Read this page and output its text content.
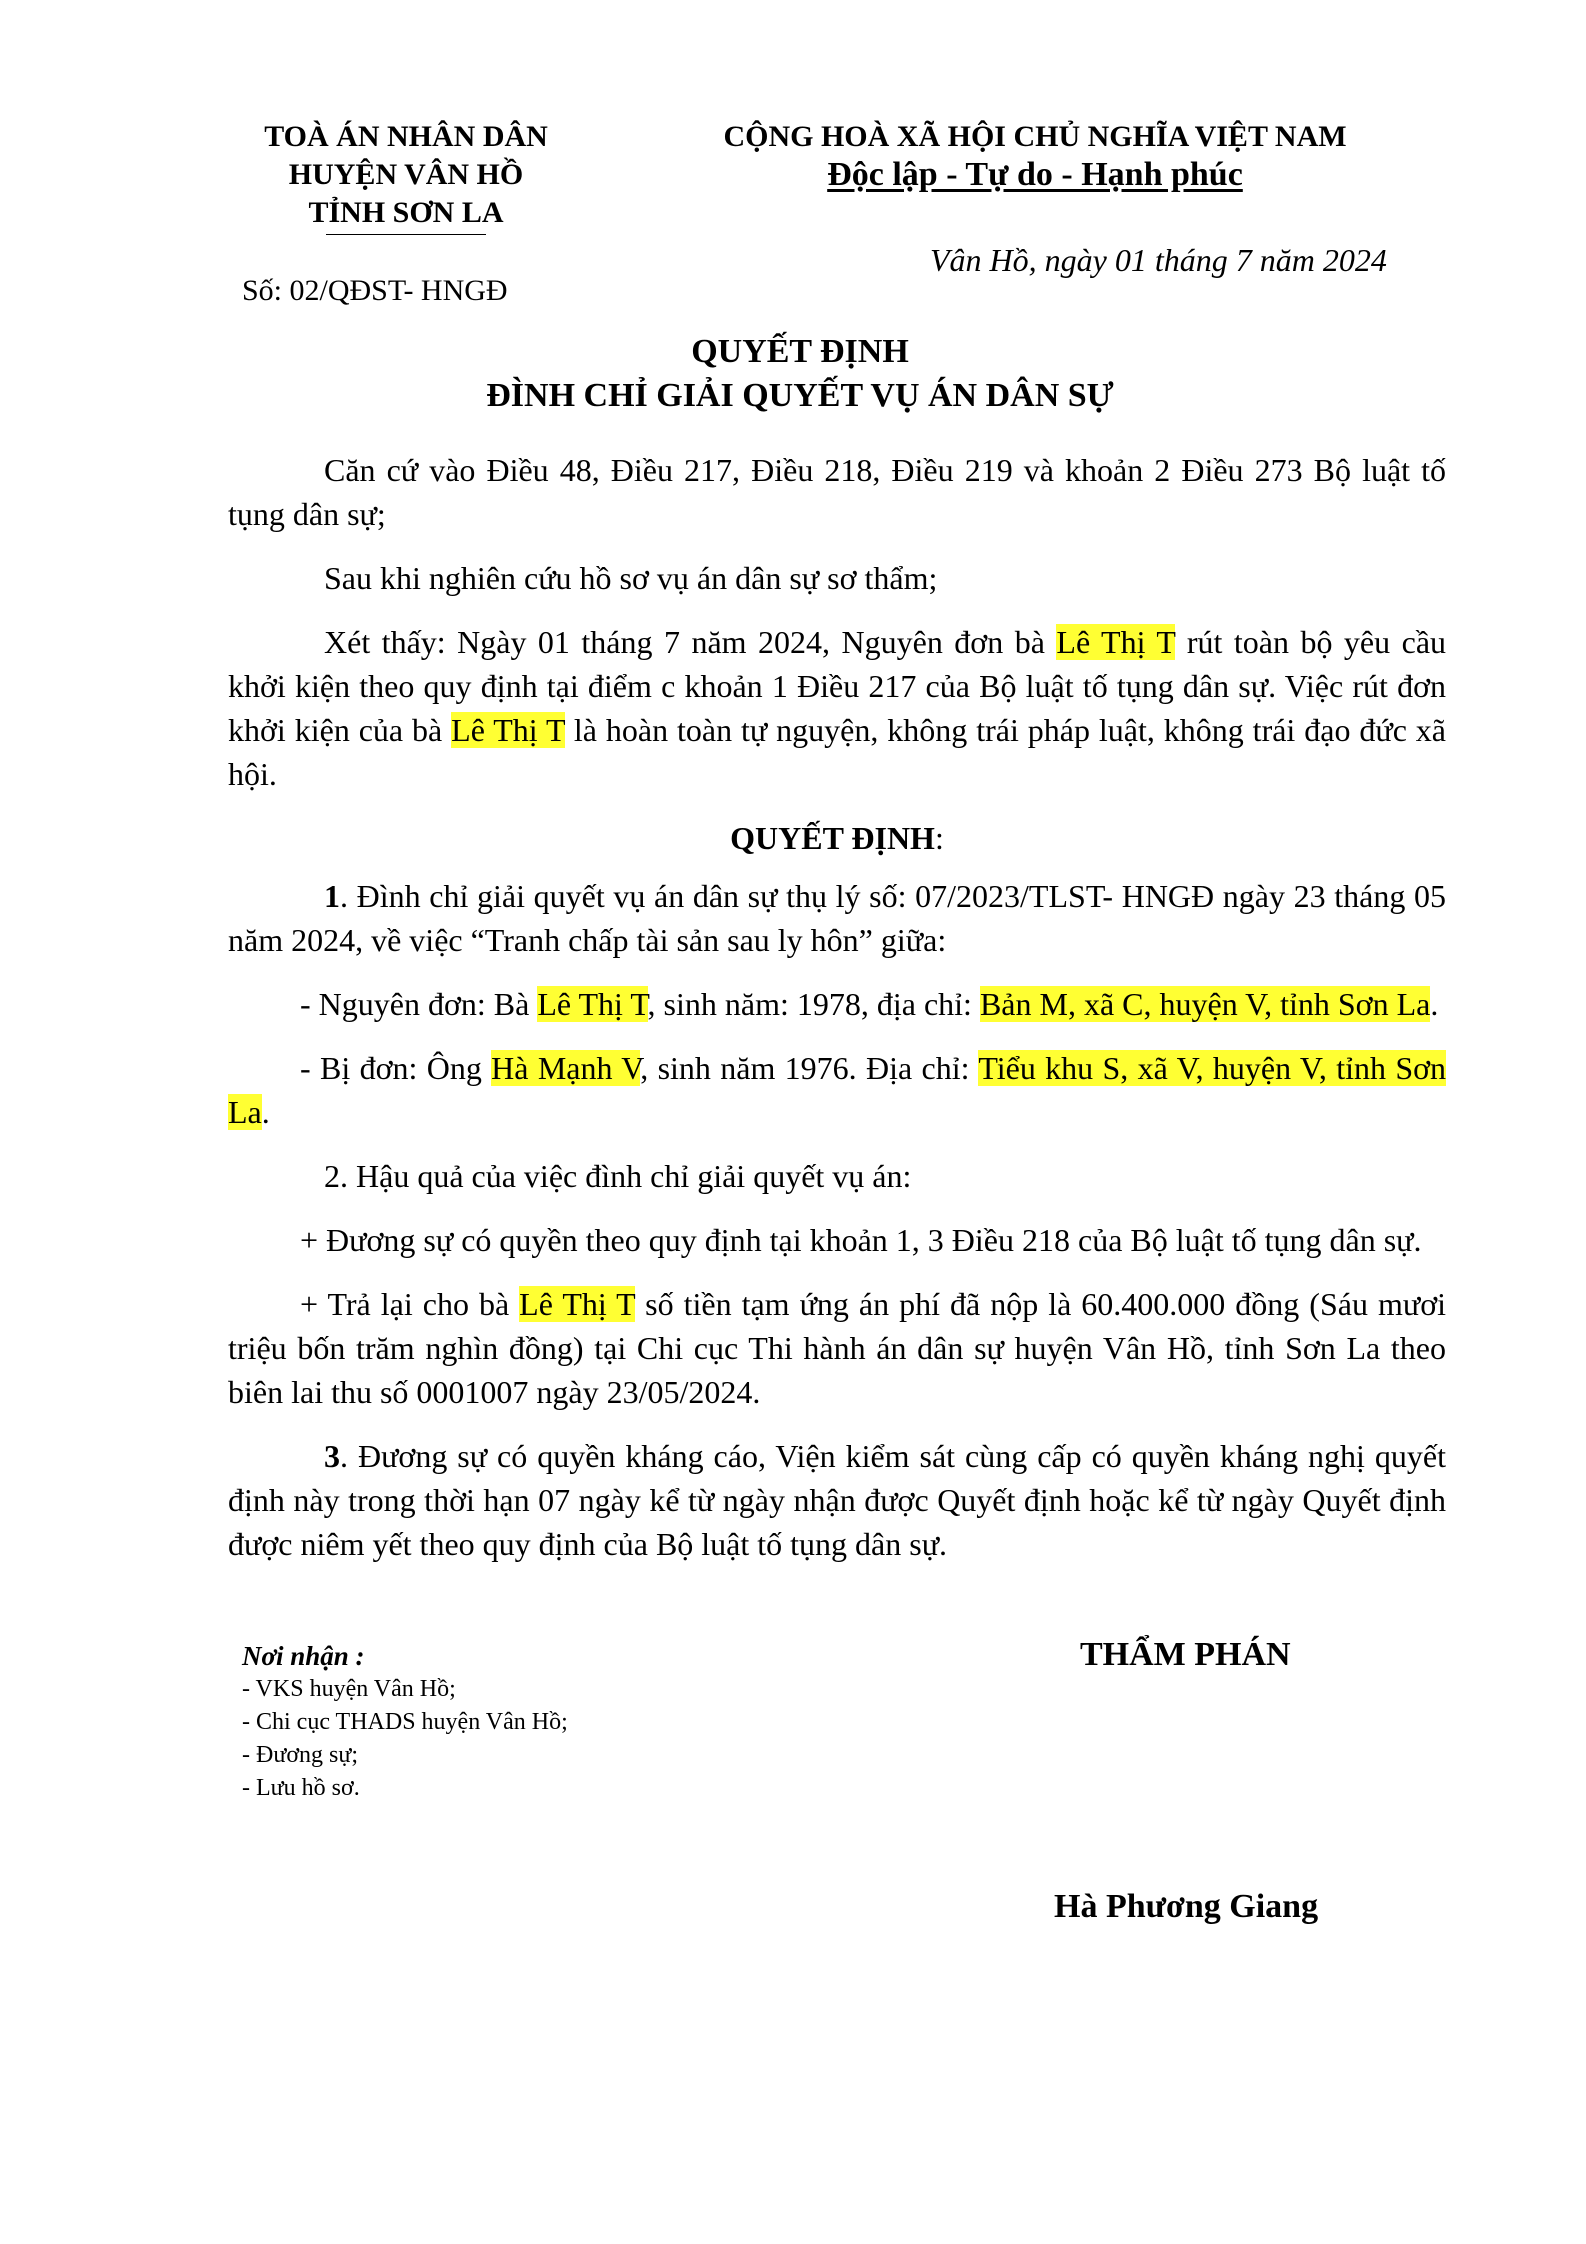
TOÀ ÁN NHÂN DÂN
HUYỆN VÂN HỒ
TỈNH SƠN LA
CỘNG HOÀ XÃ HỘI CHỦ NGHĨA VIỆT NAM
Độc lập - Tự do - Hạnh phúc
Vân Hồ, ngày 01 tháng 7 năm 2024
Số: 02/QĐST- HNGĐ
QUYẾT ĐỊNH
ĐÌNH CHỈ GIẢI QUYẾT VỤ ÁN DÂN SỰ

Căn cứ vào Điều 48, Điều 217, Điều 218, Điều 219 và khoản 2 Điều 273 Bộ luật tố tụng dân sự;

Sau khi nghiên cứu hồ sơ vụ án dân sự sơ thẩm;

Xét thấy: Ngày 01 tháng 7 năm 2024, Nguyên đơn bà Lê Thị T rút toàn bộ yêu cầu khởi kiện theo quy định tại điểm c khoản 1 Điều 217 của Bộ luật tố tụng dân sự. Việc rút đơn khởi kiện của bà Lê Thị T là hoàn toàn tự nguyện, không trái pháp luật, không trái đạo đức xã hội.

QUYẾT ĐỊNH:

1. Đình chỉ giải quyết vụ án dân sự thụ lý số: 07/2023/TLST- HNGĐ ngày 23 tháng 05 năm 2024, về việc “Tranh chấp tài sản sau ly hôn” giữa:

- Nguyên đơn: Bà Lê Thị T, sinh năm: 1978, địa chỉ: Bản M, xã C, huyện V, tỉnh Sơn La.

- Bị đơn: Ông Hà Mạnh V, sinh năm 1976. Địa chỉ: Tiểu khu S, xã V, huyện V, tỉnh Sơn La.

2. Hậu quả của việc đình chỉ giải quyết vụ án:

+ Đương sự có quyền theo quy định tại khoản 1, 3 Điều 218 của Bộ luật tố tụng dân sự.

+ Trả lại cho bà Lê Thị T số tiền tạm ứng án phí đã nộp là 60.400.000 đồng (Sáu mươi triệu bốn trăm nghìn đồng) tại Chi cục Thi hành án dân sự huyện Vân Hồ, tỉnh Sơn La theo biên lai thu số 0001007 ngày 23/05/2024.

3. Đương sự có quyền kháng cáo, Viện kiểm sát cùng cấp có quyền kháng nghị quyết định này trong thời hạn 07 ngày kể từ ngày nhận được Quyết định hoặc kể từ ngày Quyết định được niêm yết theo quy định của Bộ luật tố tụng dân sự.

Nơi nhận :
- VKS huyện Vân Hồ;
- Chi cục THADS huyện Vân Hồ;
- Đương sự;
- Lưu hồ sơ.
THẨM PHÁN
Hà Phương Giang
